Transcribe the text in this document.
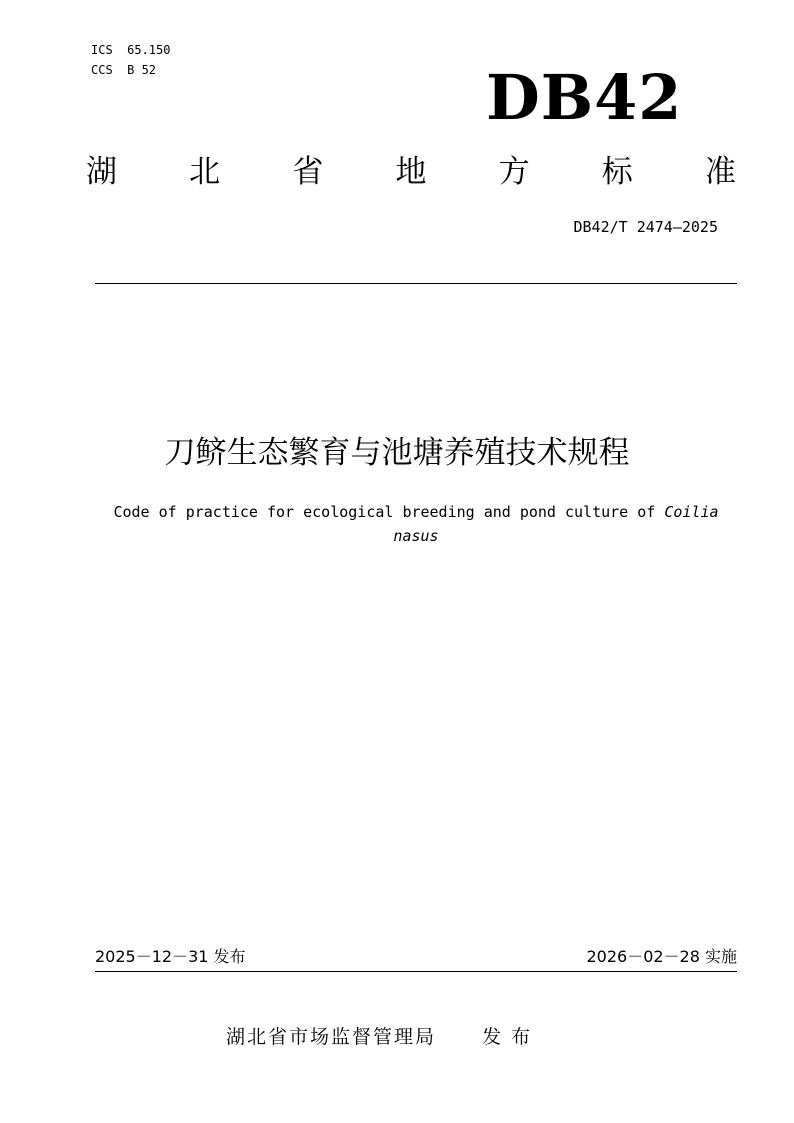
ICS  65.150
CCS  B 52	DB42
湖 北 省 地 方 标 准
DB42/T 2474—2025
刀鲚生态繁育与池塘养殖技术规程
Code of practice for ecological breeding and pond culture of Coilia nasus
2025－12－31 发布	2026－02－28 实施
湖北省市场监督管理局 发布
